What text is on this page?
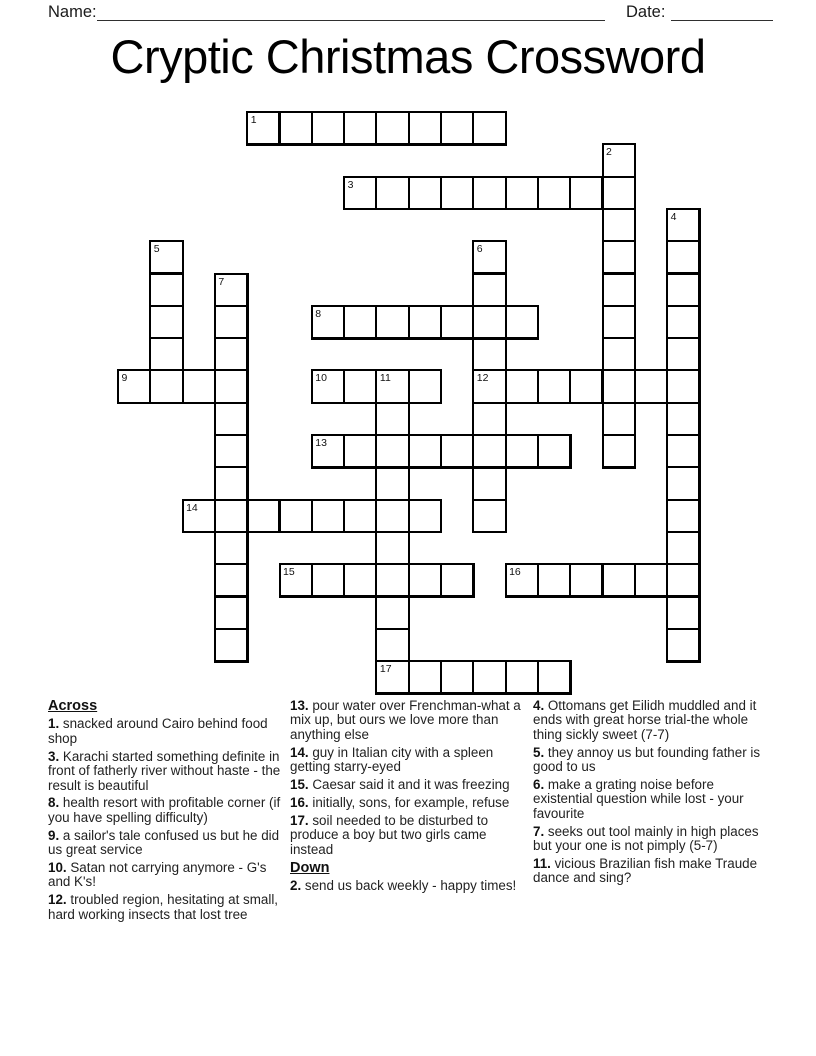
Name:	Date:
Cryptic Christmas Crossword
1
2
3
4
5	6
7
8
9	10	11	12
13
14
15	16
17
Across

1. snacked around Cairo behind food shop

3. Karachi started something definite in front of fatherly river without haste - the result is beautiful

8. health resort with profitable corner (if you have spelling difficulty)

9. a sailor's tale confused us but he did us great service

10. Satan not carrying anymore - G's and K's!

12. troubled region, hesitating at small, hard working insects that lost tree

13. pour water over Frenchman-what a mix up, but ours we love more than anything else

14. guy in Italian city with a spleen getting starry-eyed

15. Caesar said it and it was freezing

16. initially, sons, for example, refuse

17. soil needed to be disturbed to produce a boy but two girls came instead

Down

2. send us back weekly - happy times!

4. Ottomans get Eilidh muddled and it ends with great horse trial-the whole thing sickly sweet (7-7)

5. they annoy us but founding father is good to us

6. make a grating noise before existential question while lost - your favourite

7. seeks out tool mainly in high places but your one is not pimply (5-7)

11. vicious Brazilian fish make Traude dance and sing?
